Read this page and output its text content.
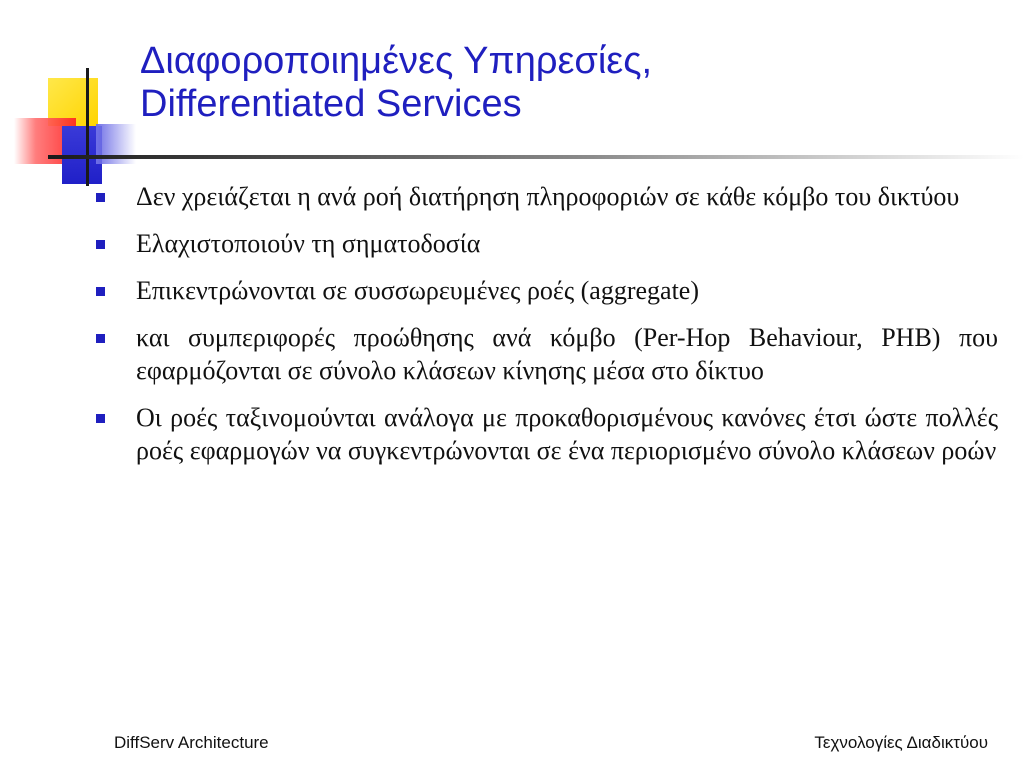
Διαφοροποιημένες Υπηρεσίες,
Differentiated Services
Δεν χρειάζεται η ανά ροή διατήρηση πληροφοριών σε κάθε κόμβο του δικτύου
Ελαχιστοποιούν τη σηματοδοσία
Επικεντρώνονται σε συσσωρευμένες ροές (aggregate)
και συμπεριφορές προώθησης ανά κόμβο (Per-Hop Behaviour, PHB) που εφαρμόζονται σε σύνολο κλάσεων κίνησης μέσα στο δίκτυο
Οι ροές ταξινομούνται ανάλογα με προκαθορισμένους κανόνες έτσι ώστε πολλές ροές εφαρμογών να συγκεντρώνονται σε ένα περιορισμένο σύνολο κλάσεων ροών
DiffServ Architecture	Τεχνολογίες Διαδικτύου
